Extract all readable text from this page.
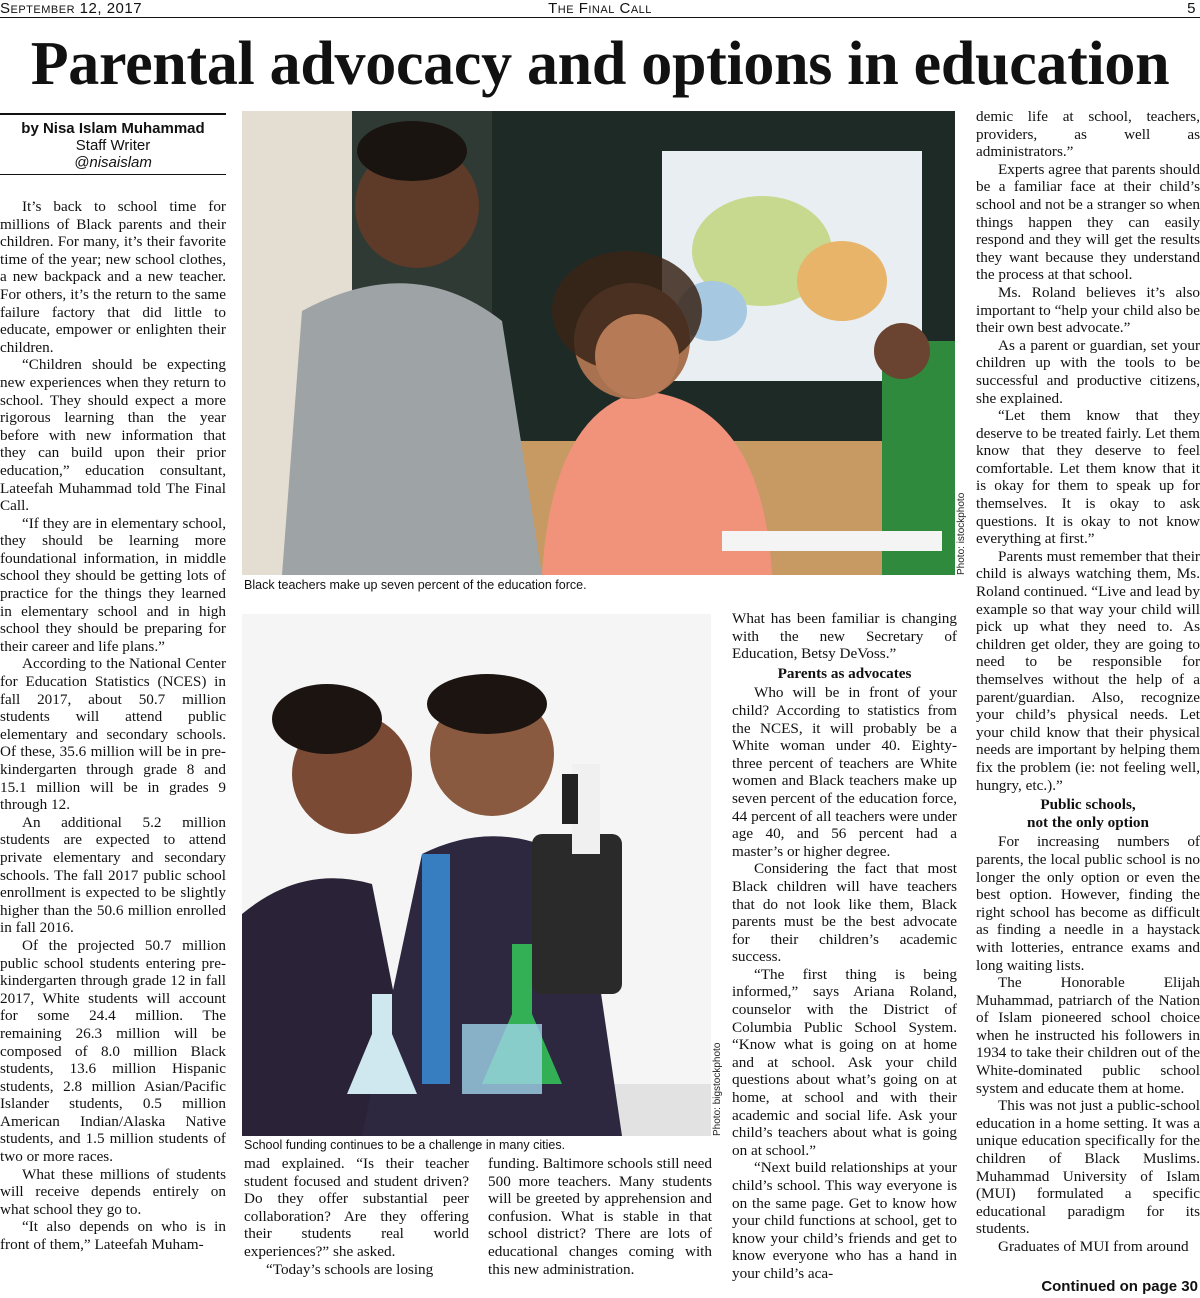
September 12, 2017	The Final Call	5
Parental advocacy and options in education
by Nisa Islam Muhammad
Staff Writer
@nisaislam

It’s back to school time for millions of Black parents and their children. For many, it’s their favorite time of the year; new school clothes, a new backpack and a new teacher. For others, it’s the return to the same failure factory that did little to educate, empower or enlighten their children.

“Children should be expecting new experiences when they return to school. They should expect a more rigorous learning than the year before with new information that they can build upon their prior education,” education consultant, Lateefah Muhammad told The Final Call.

“If they are in elementary school, they should be learning more foundational information, in middle school they should be getting lots of practice for the things they learned in elementary school and in high school they should be preparing for their career and life plans.”

According to the National Center for Education Statistics (NCES) in fall 2017, about 50.7 million students will attend public elementary and secondary schools. Of these, 35.6 million will be in pre-kindergarten through grade 8 and 15.1 million will be in grades 9 through 12.

An additional 5.2 million students are expected to attend private elementary and secondary schools. The fall 2017 public school enrollment is expected to be slightly higher than the 50.6 million enrolled in fall 2016.

Of the projected 50.7 million public school students entering pre-kindergarten through grade 12 in fall 2017, White students will account for some 24.4 million. The remaining 26.3 million will be composed of 8.0 million Black students, 13.6 million Hispanic students, 2.8 million Asian/Pacific Islander students, 0.5 million American Indian/Alaska Native students, and 1.5 million students of two or more races.

What these millions of students will receive depends entirely on what school they go to.

“It also depends on who is in front of them,” Lateefah Muham-

Photo: istockphoto
Black teachers make up seven percent of the education force.
Photo: bigstockphoto
School funding continues to be a challenge in many cities.

mad explained. “Is their teacher student focused and student driven? Do they offer substantial peer collaboration? Are they offering their students real world experiences?” she asked.

“Today’s schools are losing

funding. Baltimore schools still need 500 more teachers. Many students will be greeted by apprehension and confusion. What is stable in that school district? There are lots of educational changes coming with this new administration.

What has been familiar is changing with the new Secretary of Education, Betsy DeVoss.”

Parents as advocates

Who will be in front of your child? According to statistics from the NCES, it will probably be a White woman under 40. Eighty-three percent of teachers are White women and Black teachers make up seven percent of the education force, 44 percent of all teachers were under age 40, and 56 percent had a master’s or higher degree.

Considering the fact that most Black children will have teachers that do not look like them, Black parents must be the best advocate for their children’s academic success.

“The first thing is being informed,” says Ariana Roland, counselor with the District of Columbia Public School System. “Know what is going on at home and at school. Ask your child questions about what’s going on at home, at school and with their academic and social life. Ask your child’s teachers about what is going on at school.”

“Next build relationships at your child’s school. This way everyone is on the same page. Get to know how your child functions at school, get to know your child’s friends and get to know everyone who has a hand in your child’s aca-

demic life at school, teachers, providers, as well as administrators.”

Experts agree that parents should be a familiar face at their child’s school and not be a stranger so when things happen they can easily respond and they will get the results they want because they understand the process at that school.

Ms. Roland believes it’s also important to “help your child also be their own best advocate.”

As a parent or guardian, set your children up with the tools to be successful and productive citizens, she explained.

“Let them know that they deserve to be treated fairly. Let them know that they deserve to feel comfortable. Let them know that it is okay for them to speak up for themselves. It is okay to ask questions. It is okay to not know everything at first.”

Parents must remember that their child is always watching them, Ms. Roland continued. “Live and lead by example so that way your child will pick up what they need to. As children get older, they are going to need to be responsible for themselves without the help of a parent/guardian. Also, recognize your child’s physical needs. Let your child know that their physical needs are important by helping them fix the problem (ie: not feeling well, hungry, etc.).”

Public schools,
not the only option

For increasing numbers of parents, the local public school is no longer the only option or even the best option. However, finding the right school has become as difficult as finding a needle in a haystack with lotteries, entrance exams and long waiting lists.

The Honorable Elijah Muhammad, patriarch of the Nation of Islam pioneered school choice when he instructed his followers in 1934 to take their children out of the White-dominated public school system and educate them at home.

This was not just a public-school education in a home setting. It was a unique education specifically for the children of Black Muslims. Muhammad University of Islam (MUI) formulated a specific educational paradigm for its students.

Graduates of MUI from around

Continued on page 30
